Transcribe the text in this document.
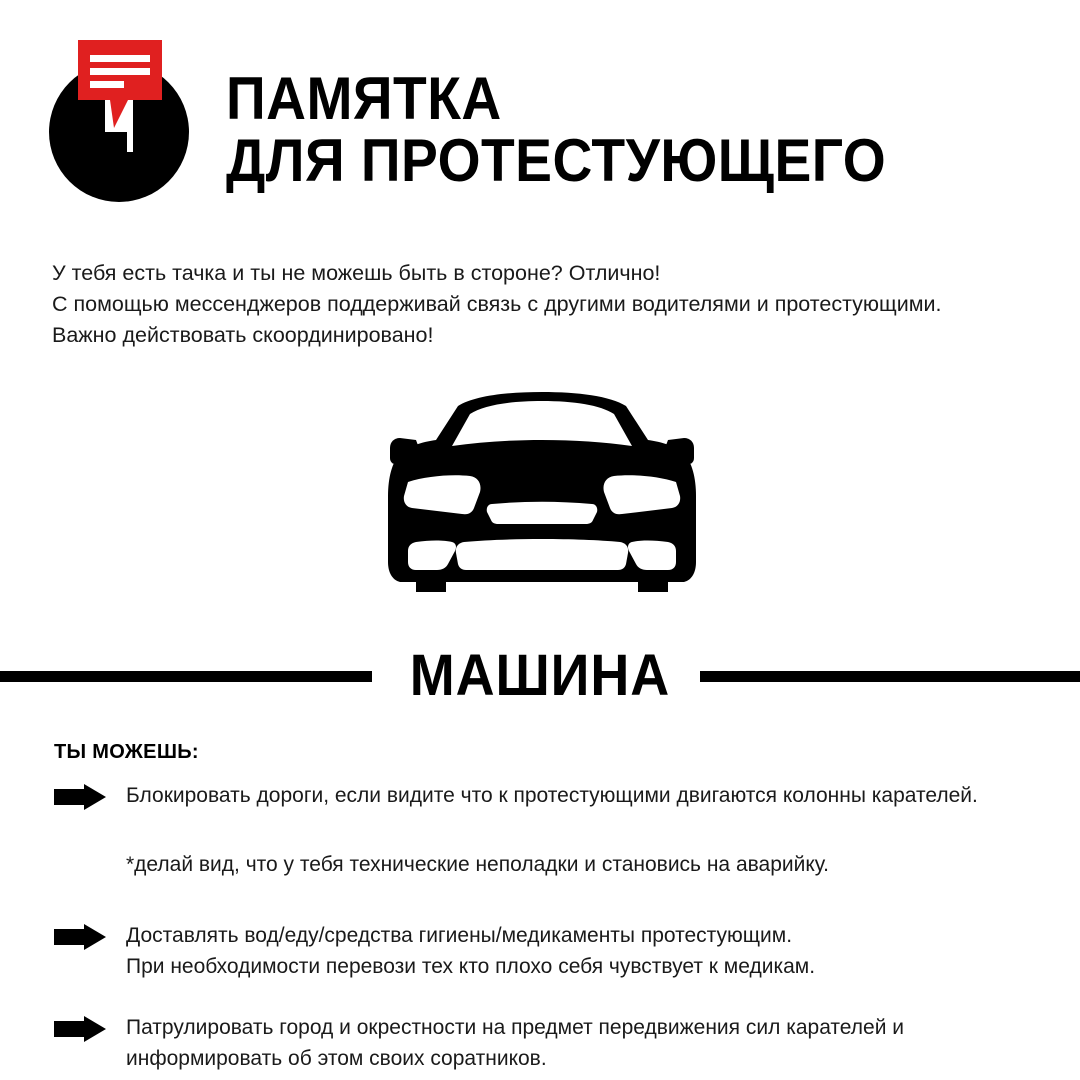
ПАМЯТКА
ДЛЯ ПРОТЕСТУЮЩЕГО
У тебя есть тачка и ты не можешь быть в стороне? Отлично!
С помощью мессенджеров поддерживай связь с другими водителями и протестующими.
Важно действовать скоординировано!
МАШИНА
ТЫ МОЖЕШЬ:
Блокировать дороги, если видите что к протестующими двигаются колонны карателей.
*делай вид, что у тебя технические неполадки и становись на аварийку.
Доставлять вод/еду/средства гигиены/медикаменты протестующим.
При необходимости перевози тех кто плохо себя чувствует к медикам.
Патрулировать город и окрестности на предмет передвижения сил карателей и
информировать об этом своих соратников.
